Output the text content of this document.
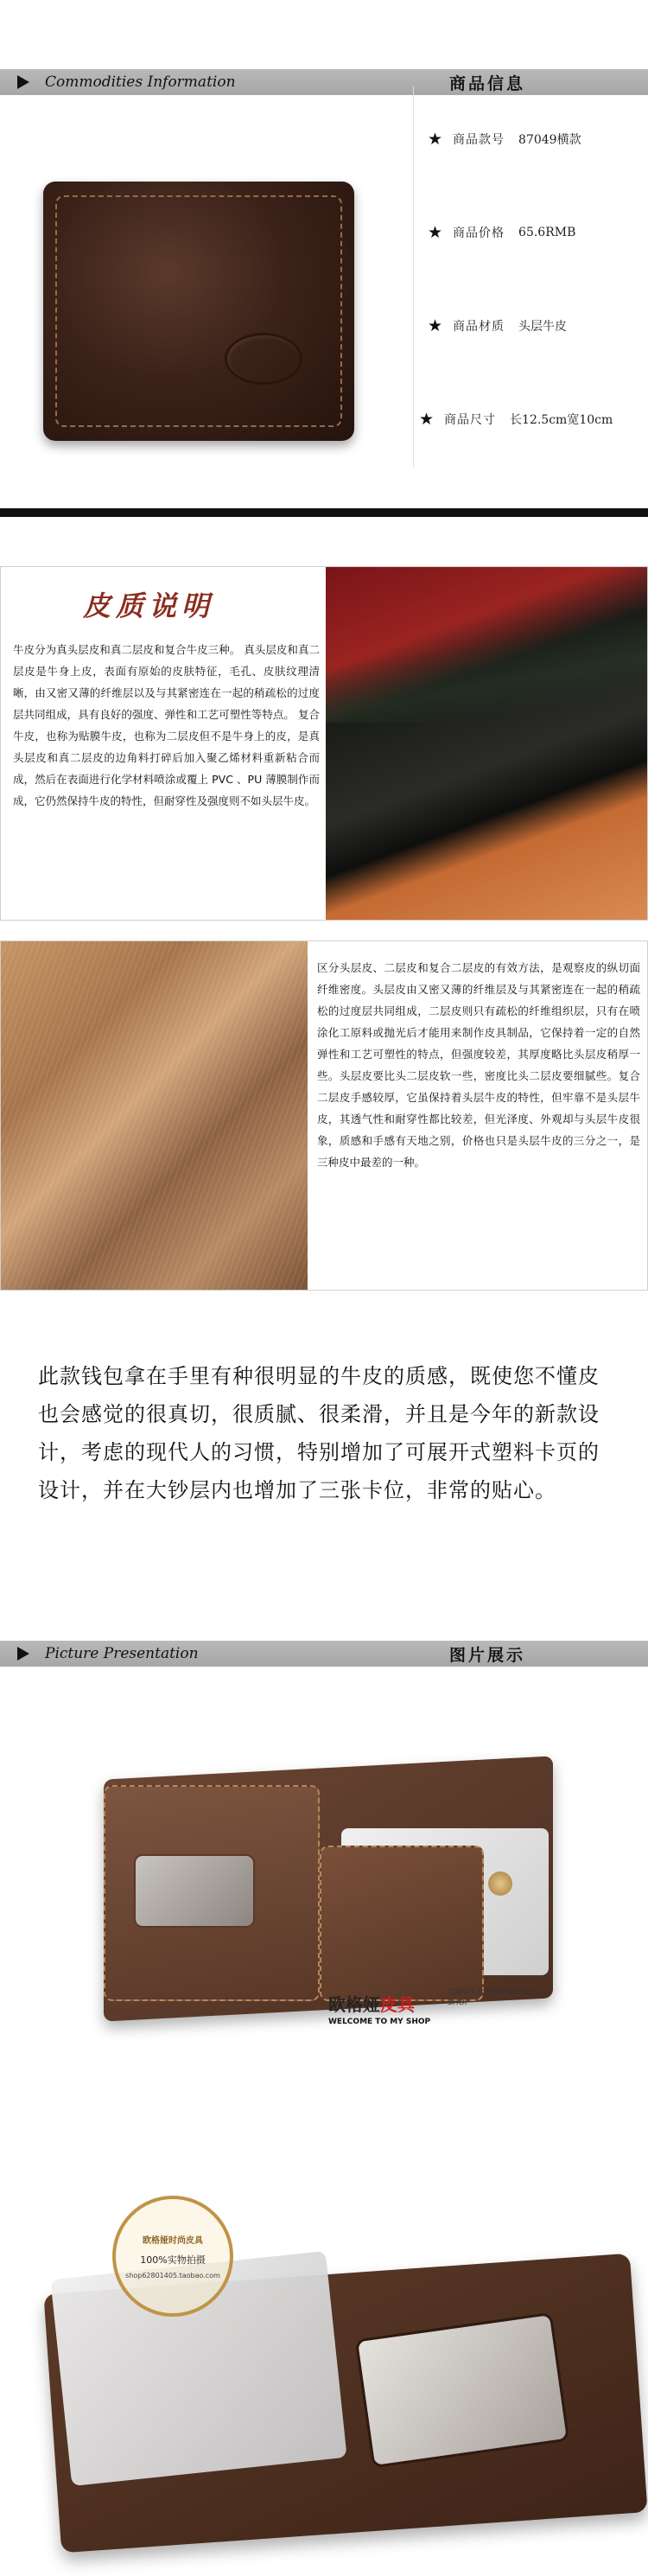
Commodities Information	商品信息
★ 商品款号 87049横款
★ 商品价格 65.6RMB
★ 商品材质 头层牛皮
★ 商品尺寸 长12.5cm宽10cm
皮质说明
牛皮分为真头层皮和真二层皮和复合牛皮三种。 真头层皮和真二层皮是牛身上皮，表面有原始的皮肤特征，毛孔、皮肤纹理清晰，由又密又薄的纤维层以及与其紧密连在一起的稍疏松的过度层共同组成，具有良好的强度、弹性和工艺可塑性等特点。 复合牛皮，也称为贴膜牛皮，也称为二层皮但不是牛身上的皮，是真头层皮和真二层皮的边角料打碎后加入聚乙烯材料重新粘合而成，然后在表面进行化学材料喷涂或覆上 PVC 、PU 薄膜制作而成，它仍然保持牛皮的特性，但耐穿性及强度则不如头层牛皮。
区分头层皮、二层皮和复合二层皮的有效方法，是观察皮的纵切面纤维密度。头层皮由又密又薄的纤维层及与其紧密连在一起的稍疏松的过度层共同组成，二层皮则只有疏松的纤维组织层，只有在喷涂化工原料或抛光后才能用来制作皮具制品，它保持着一定的自然弹性和工艺可塑性的特点，但强度较差，其厚度略比头层皮稍厚一些。头层皮要比头二层皮软一些，密度比头二层皮要细腻些。复合二层皮手感较厚，它虽保持着头层牛皮的特性，但牢靠不是头层牛皮，其透气性和耐穿性都比较差，但光泽度、外观却与头层牛皮很象，质感和手感有天地之别，价格也只是头层牛皮的三分之一，是三种皮中最差的一种。
此款钱包拿在手里有种很明显的牛皮的质感，既使您不懂皮也会感觉的很真切，很质腻、很柔滑，并且是今年的新款设计，考虑的现代人的习惯，特别增加了可展开式塑料卡页的设计，并在大钞层内也增加了三张卡位，非常的贴心。
Picture Presentation	图片展示
欧格娅皮具
100%实物拍摄 FASHION SHOP
WELCOME TO MY SHOP
欧格娅时尚皮具
100%实物拍摄
shop62801405.taobao.com
